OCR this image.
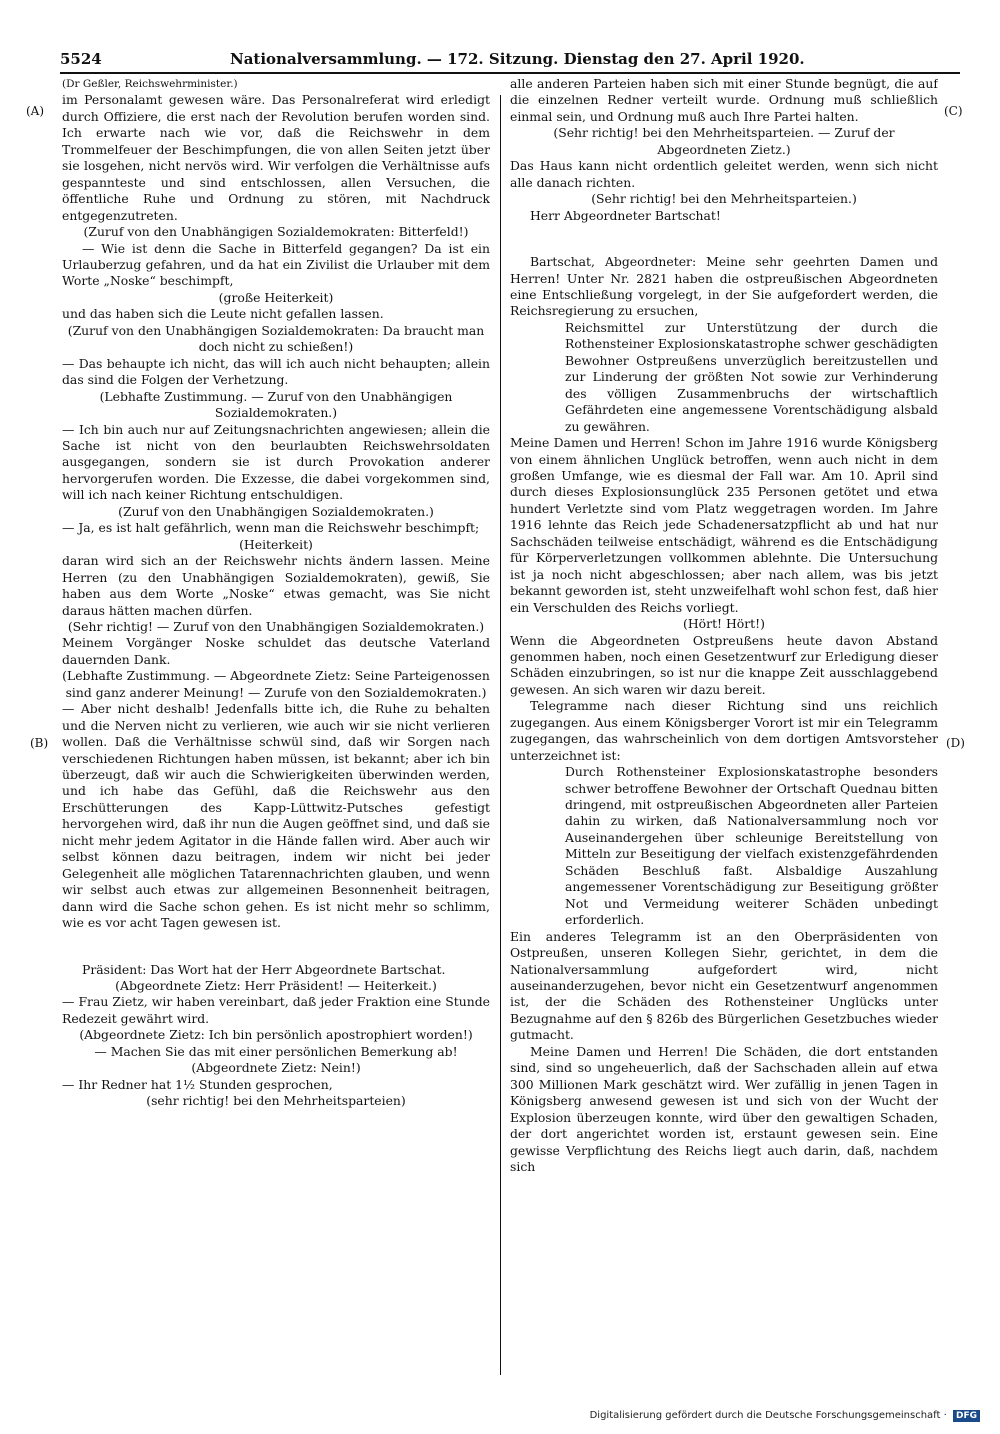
5524	Nationalversammlung. — 172. Sitzung. Dienstag den 27. April 1920.
(A)
(B)
(C)
(D)

(Dr Geßler, Reichswehrminister.)

im Personalamt gewesen wäre. Das Personalreferat wird erledigt durch Offiziere, die erst nach der Revolution berufen worden sind. Ich erwarte nach wie vor, daß die Reichswehr in dem Trommelfeuer der Beschimpfungen, die von allen Seiten jetzt über sie losgehen, nicht nervös wird. Wir verfolgen die Verhältnisse aufs gespannteste und sind entschlossen, allen Versuchen, die öffentliche Ruhe und Ordnung zu stören, mit Nachdruck entgegenzutreten.

(Zuruf von den Unabhängigen Sozialdemokraten: Bitterfeld!)

— Wie ist denn die Sache in Bitterfeld gegangen? Da ist ein Urlauberzug gefahren, und da hat ein Zivilist die Urlauber mit dem Worte „Noske“ beschimpft,

(große Heiterkeit)

und das haben sich die Leute nicht gefallen lassen.

(Zuruf von den Unabhängigen Sozialdemokraten: Da braucht man doch nicht zu schießen!)

— Das behaupte ich nicht, das will ich auch nicht behaupten; allein das sind die Folgen der Verhetzung.

(Lebhafte Zustimmung. — Zuruf von den Unabhängigen Sozialdemokraten.)

— Ich bin auch nur auf Zeitungsnachrichten angewiesen; allein die Sache ist nicht von den beurlaubten Reichswehrsoldaten ausgegangen, sondern sie ist durch Provokation anderer hervorgerufen worden. Die Exzesse, die dabei vorgekommen sind, will ich nach keiner Richtung entschuldigen.

(Zuruf von den Unabhängigen Sozialdemokraten.)

— Ja, es ist halt gefährlich, wenn man die Reichswehr beschimpft;

(Heiterkeit)

daran wird sich an der Reichswehr nichts ändern lassen. Meine Herren (zu den Unabhängigen Sozialdemokraten), gewiß, Sie haben aus dem Worte „Noske“ etwas gemacht, was Sie nicht daraus hätten machen dürfen.

(Sehr richtig! — Zuruf von den Unabhängigen Sozialdemokraten.)

Meinem Vorgänger Noske schuldet das deutsche Vaterland dauernden Dank.

(Lebhafte Zustimmung. — Abgeordnete Zietz: Seine Parteigenossen sind ganz anderer Meinung! — Zurufe von den Sozialdemokraten.)

— Aber nicht deshalb! Jedenfalls bitte ich, die Ruhe zu behalten und die Nerven nicht zu verlieren, wie auch wir sie nicht verlieren wollen. Daß die Verhältnisse schwül sind, daß wir Sorgen nach verschiedenen Richtungen haben müssen, ist bekannt; aber ich bin überzeugt, daß wir auch die Schwierigkeiten überwinden werden, und ich habe das Gefühl, daß die Reichswehr aus den Erschütterungen des Kapp-Lüttwitz-Putsches gefestigt hervorgehen wird, daß ihr nun die Augen geöffnet sind, und daß sie nicht mehr jedem Agitator in die Hände fallen wird. Aber auch wir selbst können dazu beitragen, indem wir nicht bei jeder Gelegenheit alle möglichen Tatarennachrichten glauben, und wenn wir selbst auch etwas zur allgemeinen Besonnenheit beitragen, dann wird die Sache schon gehen. Es ist nicht mehr so schlimm, wie es vor acht Tagen gewesen ist.

Präsident: Das Wort hat der Herr Abgeordnete Bartschat.

(Abgeordnete Zietz: Herr Präsident! — Heiterkeit.)

— Frau Zietz, wir haben vereinbart, daß jeder Fraktion eine Stunde Redezeit gewährt wird.

(Abgeordnete Zietz: Ich bin persönlich apostrophiert worden!)

— Machen Sie das mit einer persönlichen Bemerkung ab!

(Abgeordnete Zietz: Nein!)

— Ihr Redner hat 1½ Stunden gesprochen,

(sehr richtig! bei den Mehrheitsparteien)

alle anderen Parteien haben sich mit einer Stunde begnügt, die auf die einzelnen Redner verteilt wurde. Ordnung muß schließlich einmal sein, und Ordnung muß auch Ihre Partei halten.

(Sehr richtig! bei den Mehrheitsparteien. — Zuruf der Abgeordneten Zietz.)

Das Haus kann nicht ordentlich geleitet werden, wenn sich nicht alle danach richten.

(Sehr richtig! bei den Mehrheitsparteien.)

Herr Abgeordneter Bartschat!

Bartschat, Abgeordneter: Meine sehr geehrten Damen und Herren! Unter Nr. 2821 haben die ostpreußischen Abgeordneten eine Entschließung vorgelegt, in der Sie aufgefordert werden, die Reichsregierung zu ersuchen,

Reichsmittel zur Unterstützung der durch die Rothensteiner Explosionskatastrophe schwer geschädigten Bewohner Ostpreußens unverzüglich bereitzustellen und zur Linderung der größten Not sowie zur Verhinderung des völligen Zusammenbruchs der wirtschaftlich Gefährdeten eine angemessene Vorentschädigung alsbald zu gewähren.

Meine Damen und Herren! Schon im Jahre 1916 wurde Königsberg von einem ähnlichen Unglück betroffen, wenn auch nicht in dem großen Umfange, wie es diesmal der Fall war. Am 10. April sind durch dieses Explosionsunglück 235 Personen getötet und etwa hundert Verletzte sind vom Platz weggetragen worden. Im Jahre 1916 lehnte das Reich jede Schadenersatzpflicht ab und hat nur Sachschäden teilweise entschädigt, während es die Entschädigung für Körperverletzungen vollkommen ablehnte. Die Untersuchung ist ja noch nicht abgeschlossen; aber nach allem, was bis jetzt bekannt geworden ist, steht unzweifelhaft wohl schon fest, daß hier ein Verschulden des Reichs vorliegt.

(Hört! Hört!)

Wenn die Abgeordneten Ostpreußens heute davon Abstand genommen haben, noch einen Gesetzentwurf zur Erledigung dieser Schäden einzubringen, so ist nur die knappe Zeit ausschlaggebend gewesen. An sich waren wir dazu bereit.

Telegramme nach dieser Richtung sind uns reichlich zugegangen. Aus einem Königsberger Vorort ist mir ein Telegramm zugegangen, das wahrscheinlich von dem dortigen Amtsvorsteher unterzeichnet ist:

Durch Rothensteiner Explosionskatastrophe besonders schwer betroffene Bewohner der Ortschaft Quednau bitten dringend, mit ostpreußischen Abgeordneten aller Parteien dahin zu wirken, daß Nationalversammlung noch vor Auseinandergehen über schleunige Bereitstellung von Mitteln zur Beseitigung der vielfach existenzgefährdenden Schäden Beschluß faßt. Alsbaldige Auszahlung angemessener Vorentschädigung zur Beseitigung größter Not und Vermeidung weiterer Schäden unbedingt erforderlich.

Ein anderes Telegramm ist an den Oberpräsidenten von Ostpreußen, unseren Kollegen Siehr, gerichtet, in dem die Nationalversammlung aufgefordert wird, nicht auseinanderzugehen, bevor nicht ein Gesetzentwurf angenommen ist, der die Schäden des Rothensteiner Unglücks unter Bezugnahme auf den § 826b des Bürgerlichen Gesetzbuches wieder gutmacht.

Meine Damen und Herren! Die Schäden, die dort entstanden sind, sind so ungeheuerlich, daß der Sachschaden allein auf etwa 300 Millionen Mark geschätzt wird. Wer zufällig in jenen Tagen in Königsberg anwesend gewesen ist und sich von der Wucht der Explosion überzeugen konnte, wird über den gewaltigen Schaden, der dort angerichtet worden ist, erstaunt gewesen sein. Eine gewisse Verpflichtung des Reichs liegt auch darin, daß, nachdem sich

Digitalisierung gefördert durch die Deutsche Forschungsgemeinschaft · DFG
